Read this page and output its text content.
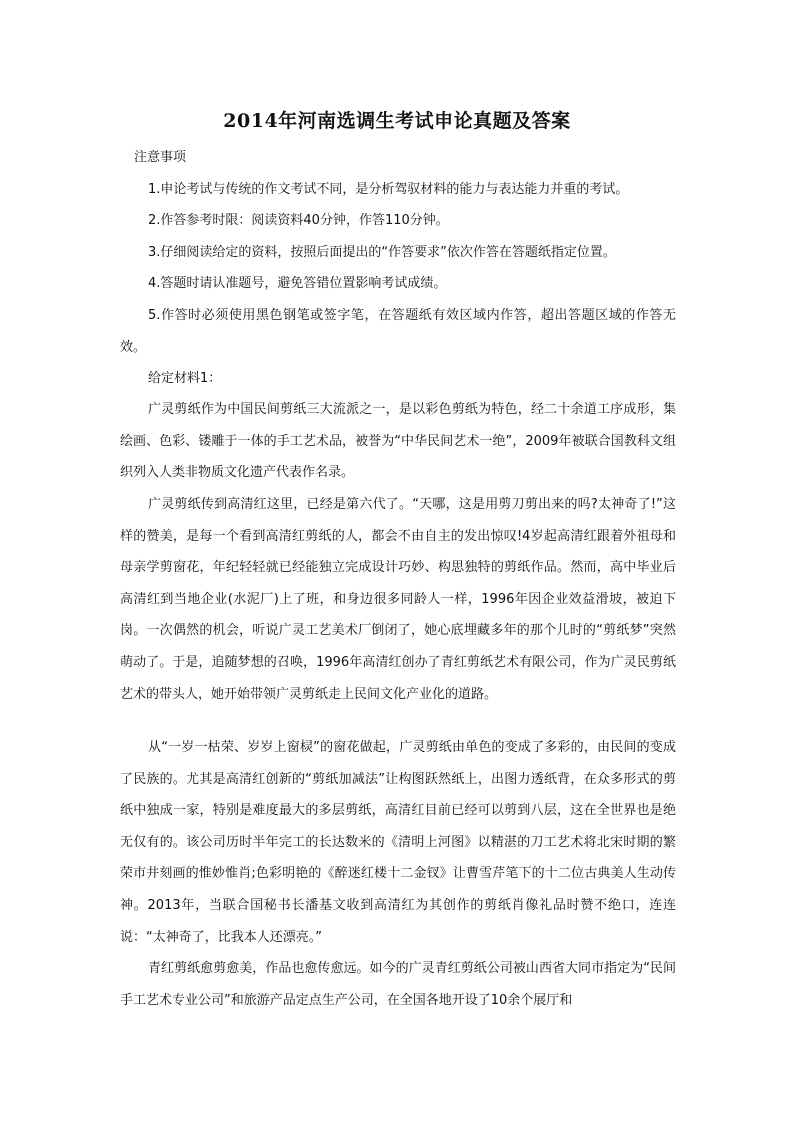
2014年河南选调生考试申论真题及答案

注意事项

1.申论考试与传统的作文考试不同，是分析驾驭材料的能力与表达能力并重的考试。

2.作答参考时限：阅读资料40分钟，作答110分钟。

3.仔细阅读给定的资料，按照后面提出的“作答要求”依次作答在答题纸指定位置。

4.答题时请认准题号，避免答错位置影响考试成绩。

5.作答时必须使用黑色钢笔或签字笔，在答题纸有效区域内作答，超出答题区域的作答无效。

给定材料1：

广灵剪纸作为中国民间剪纸三大流派之一，是以彩色剪纸为特色，经二十余道工序成形，集绘画、色彩、镂雕于一体的手工艺术品，被誉为“中华民间艺术一绝”，2009年被联合国教科文组织列入人类非物质文化遗产代表作名录。

广灵剪纸传到高清红这里，已经是第六代了。“天哪，这是用剪刀剪出来的吗?太神奇了!”这样的赞美，是每一个看到高清红剪纸的人，都会不由自主的发出惊叹!4岁起高清红跟着外祖母和母亲学剪窗花，年纪轻轻就已经能独立完成设计巧妙、构思独特的剪纸作品。然而，高中毕业后高清红到当地企业(水泥厂)上了班，和身边很多同龄人一样，1996年因企业效益滑坡，被迫下岗。一次偶然的机会，听说广灵工艺美术厂倒闭了，她心底埋藏多年的那个儿时的“剪纸梦”突然萌动了。于是，追随梦想的召唤，1996年高清红创办了青红剪纸艺术有限公司，作为广灵民剪纸艺术的带头人，她开始带领广灵剪纸走上民间文化产业化的道路。

从“一岁一枯荣、岁岁上窗棂”的窗花做起，广灵剪纸由单色的变成了多彩的，由民间的变成了民族的。尤其是高清红创新的“剪纸加减法”让构图跃然纸上，出图力透纸背，在众多形式的剪纸中独成一家，特别是难度最大的多层剪纸，高清红目前已经可以剪到八层，这在全世界也是绝无仅有的。该公司历时半年完工的长达数米的《清明上河图》以精湛的刀工艺术将北宋时期的繁荣市井刻画的惟妙惟肖;色彩明艳的《醉迷红楼十二金钗》让曹雪芹笔下的十二位古典美人生动传神。2013年，当联合国秘书长潘基文收到高清红为其创作的剪纸肖像礼品时赞不绝口，连连说：“太神奇了，比我本人还漂亮。”

青红剪纸愈剪愈美，作品也愈传愈远。如今的广灵青红剪纸公司被山西省大同市指定为“民间手工艺术专业公司”和旅游产品定点生产公司，在全国各地开设了10余个展厅和
